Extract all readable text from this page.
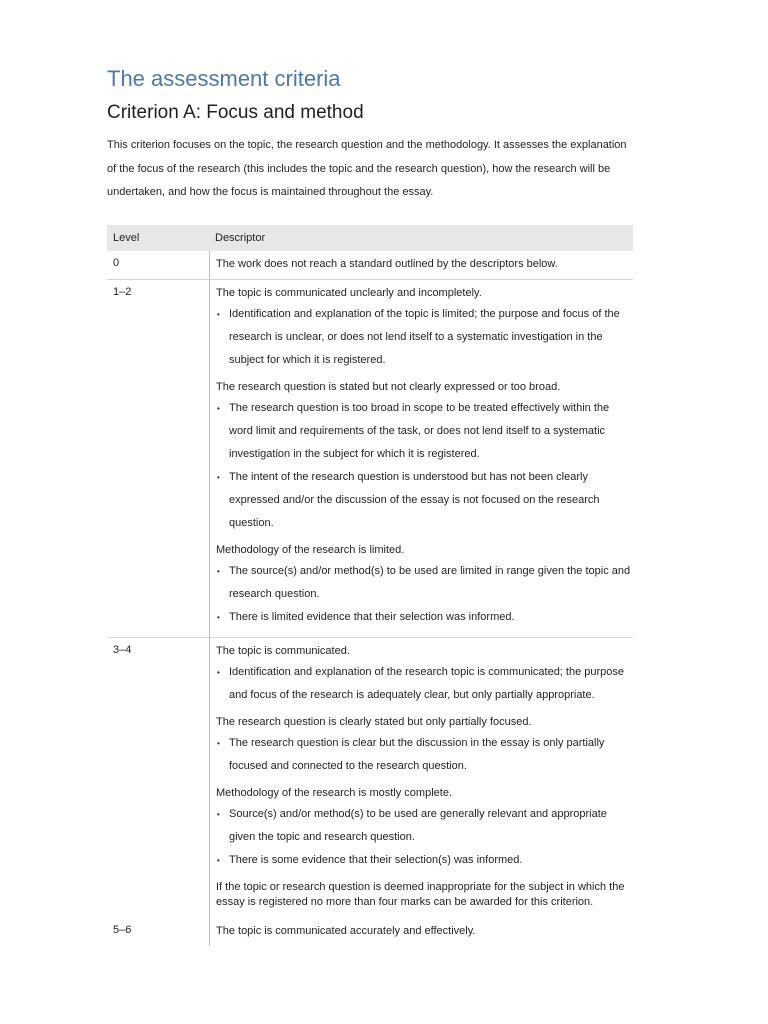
The assessment criteria
Criterion A: Focus and method

This criterion focuses on the topic, the research question and the methodology. It assesses the explanation of the focus of the research (this includes the topic and the research question), how the research will be undertaken, and how the focus is maintained throughout the essay.

Level	Descriptor
0	The work does not reach a standard outlined by the descriptors below.
1–2	The topic is communicated unclearly and incompletely.
• Identification and explanation of the topic is limited; the purpose and focus of the research is unclear, or does not lend itself to a systematic investigation in the subject for which it is registered.
The research question is stated but not clearly expressed or too broad.
• The research question is too broad in scope to be treated effectively within the word limit and requirements of the task, or does not lend itself to a systematic investigation in the subject for which it is registered.
• The intent of the research question is understood but has not been clearly expressed and/or the discussion of the essay is not focused on the research question.
Methodology of the research is limited.
• The source(s) and/or method(s) to be used are limited in range given the topic and research question.
• There is limited evidence that their selection was informed.
3–4	The topic is communicated.
• Identification and explanation of the research topic is communicated; the purpose and focus of the research is adequately clear, but only partially appropriate.
The research question is clearly stated but only partially focused.
• The research question is clear but the discussion in the essay is only partially focused and connected to the research question.
Methodology of the research is mostly complete.
• Source(s) and/or method(s) to be used are generally relevant and appropriate given the topic and research question.
• There is some evidence that their selection(s) was informed.
If the topic or research question is deemed inappropriate for the subject in which the essay is registered no more than four marks can be awarded for this criterion.
5–6	The topic is communicated accurately and effectively.
